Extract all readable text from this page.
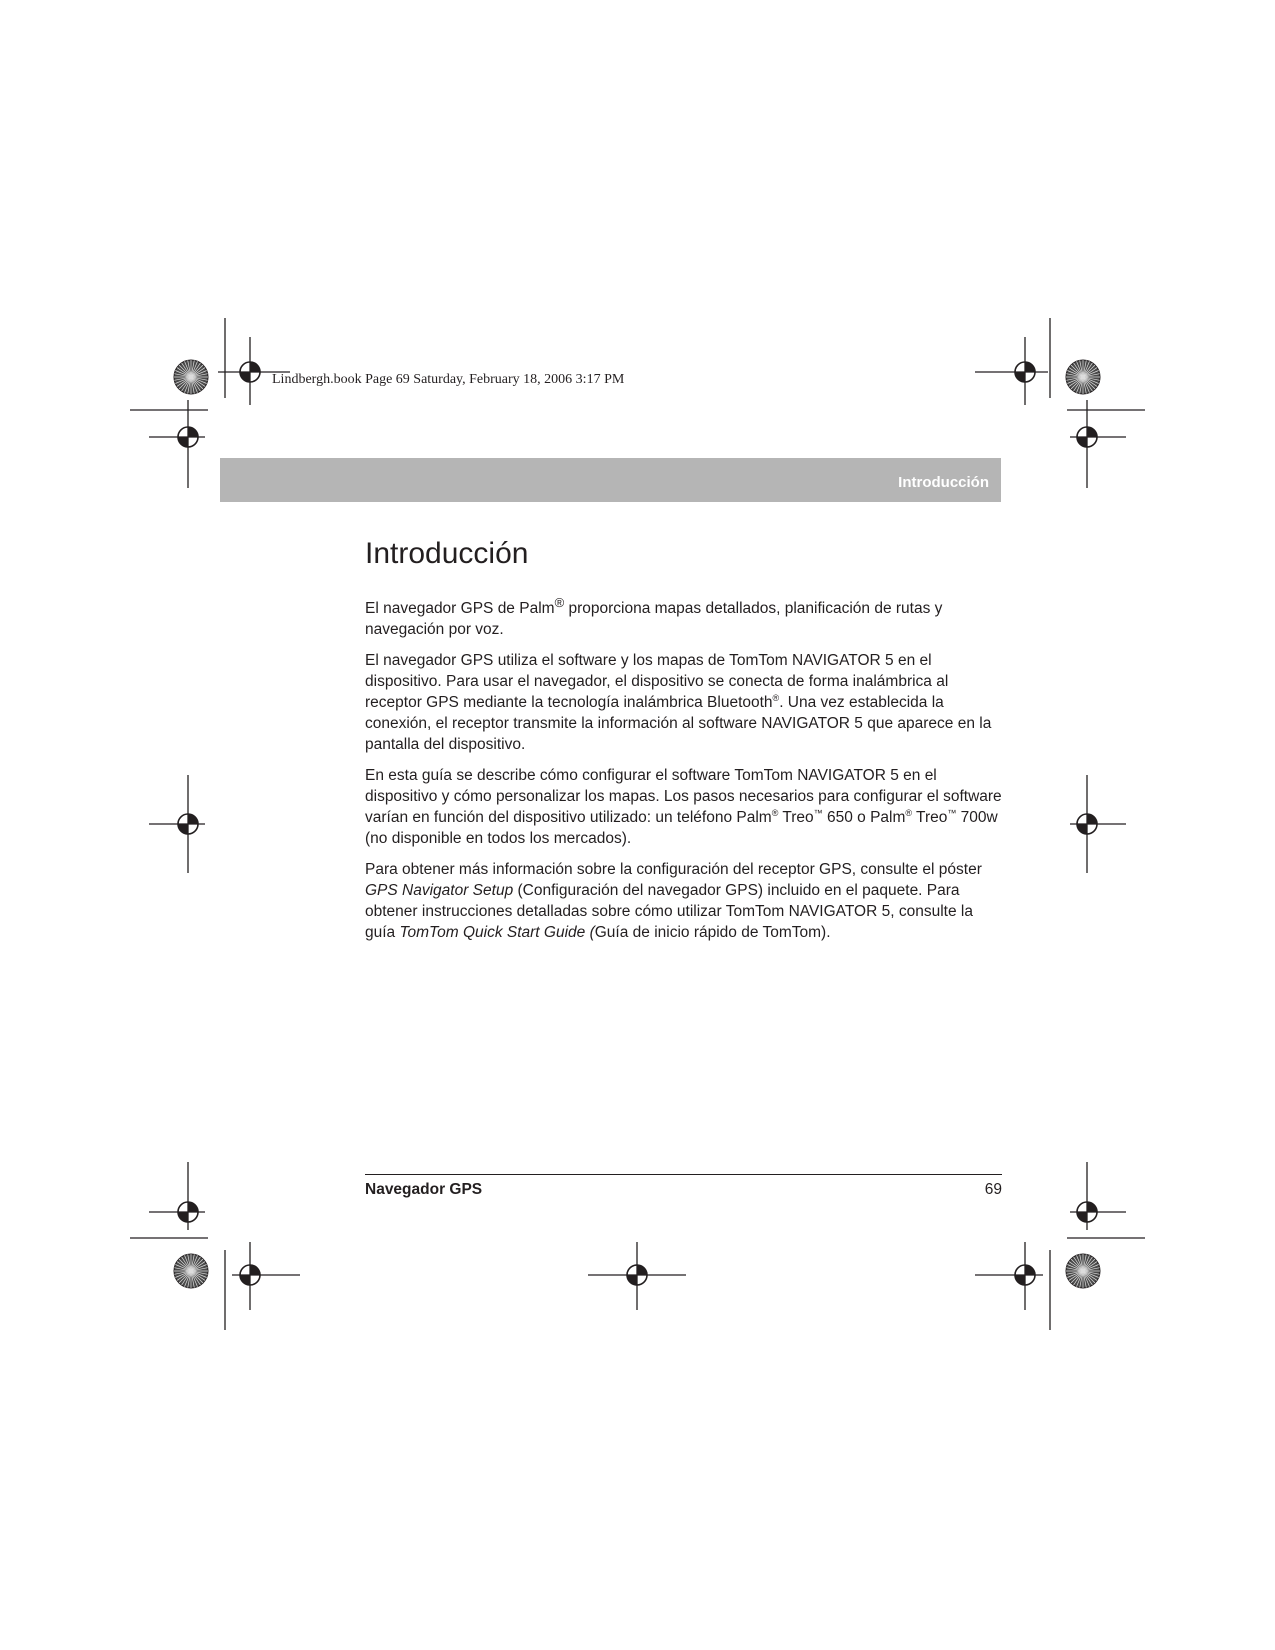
Lindbergh.book Page 69 Saturday, February 18, 2006 3:17 PM
Introducción
Introducción

El navegador GPS de Palm® proporciona mapas detallados, planificación de rutas y navegación por voz.

El navegador GPS utiliza el software y los mapas de TomTom NAVIGATOR 5 en el dispositivo. Para usar el navegador, el dispositivo se conecta de forma inalámbrica al receptor GPS mediante la tecnología inalámbrica Bluetooth®. Una vez establecida la conexión, el receptor transmite la información al software NAVIGATOR 5 que aparece en la pantalla del dispositivo.

En esta guía se describe cómo configurar el software TomTom NAVIGATOR 5 en el dispositivo y cómo personalizar los mapas. Los pasos necesarios para configurar el software varían en función del dispositivo utilizado: un teléfono Palm® Treo™ 650 o Palm® Treo™ 700w (no disponible en todos los mercados).

Para obtener más información sobre la configuración del receptor GPS, consulte el póster GPS Navigator Setup (Configuración del navegador GPS) incluido en el paquete. Para obtener instrucciones detalladas sobre cómo utilizar TomTom NAVIGATOR 5, consulte la guía TomTom Quick Start Guide (Guía de inicio rápido de TomTom).

Navegador GPS	69
